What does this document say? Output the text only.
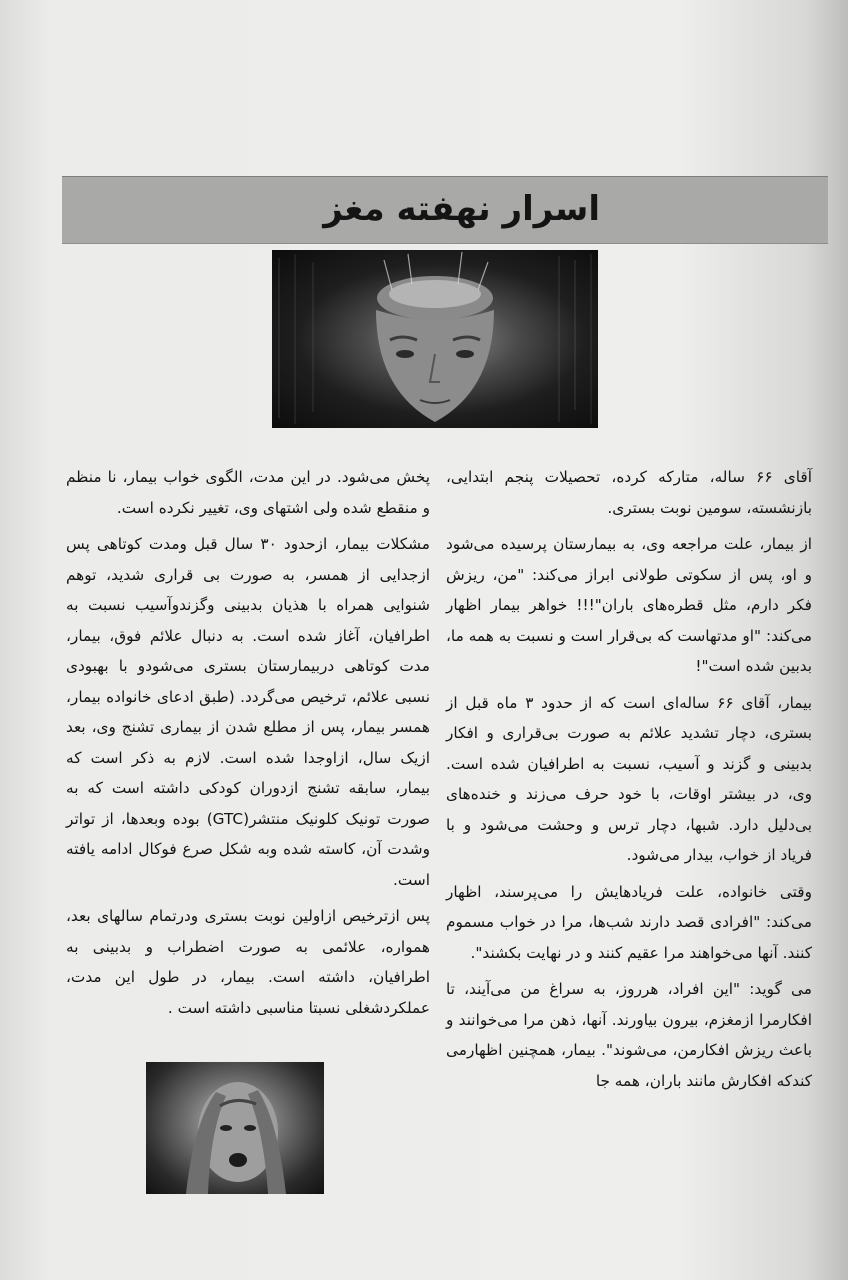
اسرار نهفته مغز

آقای ۶۶ ساله، متارکه کرده، تحصیلات پنجم ابتدایی، بازنشسته، سومین نوبت بستری.

از بیمار، علت مراجعه وی، به بیمارستان پرسیده می‌شود و او، پس از سکوتی طولانی ابراز می‌کند: "من، ریزش فکر دارم، مثل قطره‌های باران"!!! خواهر بیمار اظهار می‌کند: "او مدتهاست که بی‌قرار است و نسبت به همه ما، بدبین شده است"!

بیمار، آقای ۶۶ ساله‌ای است که از حدود ۳ ماه قبل از بستری، دچار تشدید علائم به صورت بی‌قراری و افکار بدبینی و گزند و آسیب، نسبت به اطرافیان شده است. وی، در بیشتر اوقات، با خود حرف می‌زند و خنده‌های بی‌دلیل دارد. شبها، دچار ترس و وحشت می‌شود و با فریاد از خواب، بیدار می‌شود.

وقتی خانواده، علت فریادهایش را می‌پرسند، اظهار می‌کند: "افرادی قصد دارند شب‌ها، مرا در خواب مسموم کنند. آنها می‌خواهند مرا عقیم کنند و در نهایت بکشند".

می گوید: "این افراد، هرروز، به سراغ من می‌آیند، تا افکارمرا ازمغزم، بیرون بیاورند. آنها، ذهن مرا می‌خوانند و باعث ریزش افکارمن، می‌شوند". بیمار، همچنین اظهارمی کندکه افکارش مانند باران، همه جا

پخش می‌شود. در این مدت، الگوی خواب بیمار، نا منظم و منقطع شده ولی اشتهای وی، تغییر نکرده است.

مشکلات بیمار، ازحدود ۳۰ سال قبل ومدت کوتاهی پس ازجدایی از همسر، به صورت بی قراری شدید، توهم شنوایی همراه با هذیان بدبینی وگزندوآسیب نسبت به اطرافیان، آغاز شده است. به دنبال علائم فوق، بیمار، مدت کوتاهی دربیمارستان بستری می‌شودو با بهبودی نسبی علائم، ترخیص می‌گردد. (طبق ادعای خانواده بیمار، همسر بیمار، پس از مطلع شدن از بیماری تشنج وی، بعد ازیک سال، ازاوجدا شده است. لازم به ذکر است که بیمار، سابقه تشنج ازدوران کودکی داشته است که به صورت تونیک کلونیک منتشر(GTC) بوده وبعدها، از تواتر وشدت آن، کاسته شده وبه شکل صرع فوکال ادامه یافته است.

پس ازترخیص ازاولین نوبت بستری ودرتمام سالهای بعد، همواره، علائمی به صورت اضطراب و بدبینی به اطرافیان، داشته است. بیمار، در طول این مدت، عملکردشغلی نسبتا مناسبی داشته است .
